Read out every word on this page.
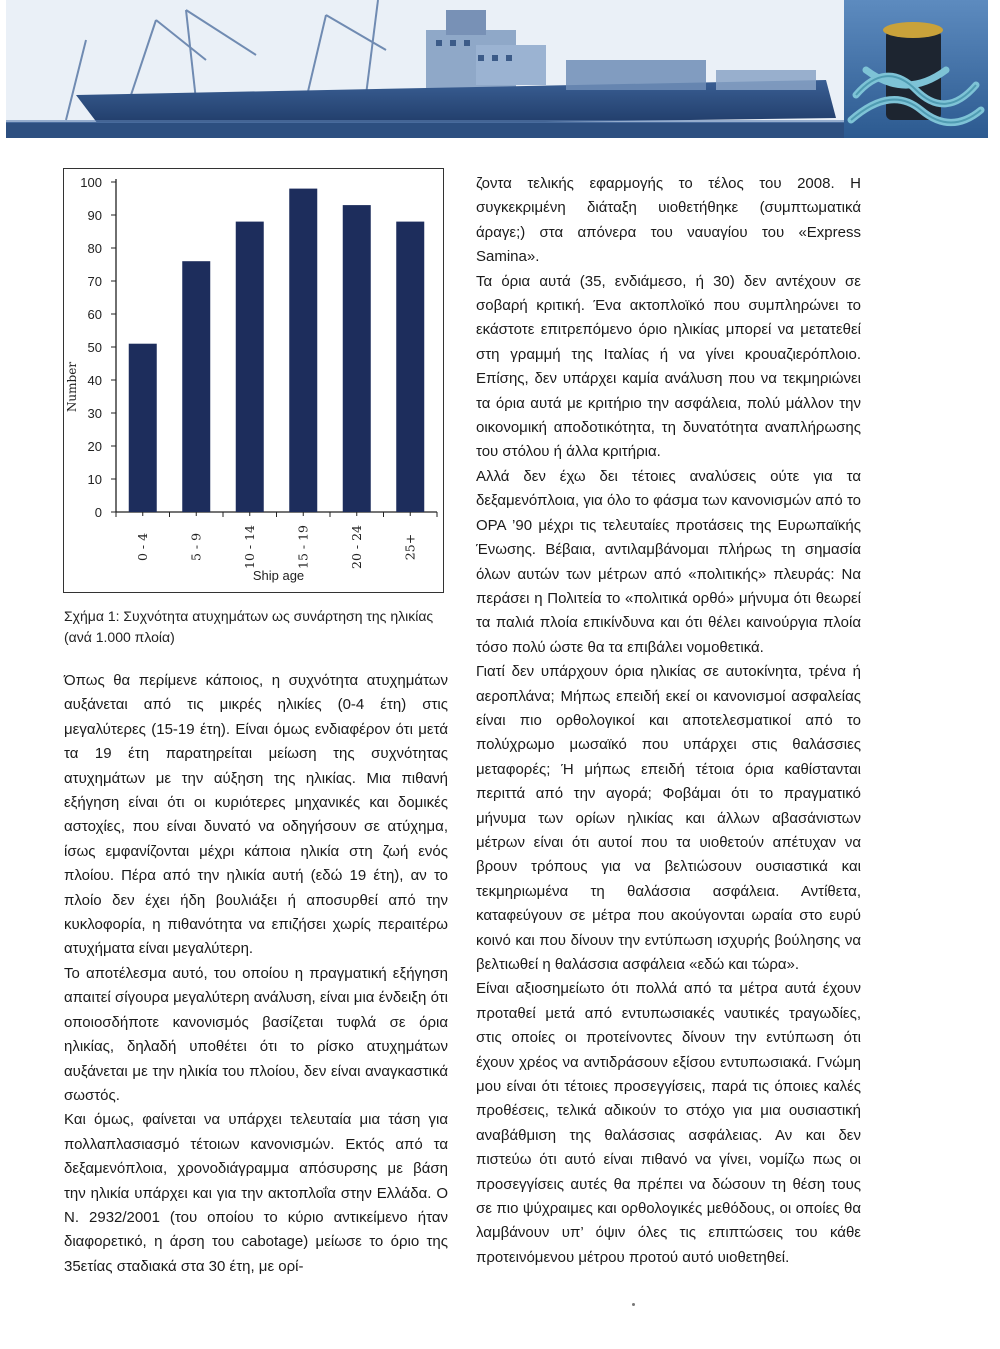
0
10
20
30
40
50
60
70
80
90
100
0 - 4	5 - 9	10 - 14	15 - 19	20 - 24	25+
Number
Ship age
Σχήμα 1: Συχνότητα ατυχημάτων ως συνάρτηση της ηλικίας
(ανά 1.000 πλοία)

Όπως θα περίμενε κάποιος, η συχνότητα ατυχημάτων αυξάνεται από τις μικρές ηλικίες (0-4 έτη) στις μεγαλύτερες (15-19 έτη). Είναι όμως ενδιαφέρον ότι μετά τα 19 έτη παρατηρείται μείωση της συχνότητας ατυχημάτων με την αύξηση της ηλικίας. Μια πιθανή εξήγηση είναι ότι οι κυριότερες μηχανικές και δομικές αστοχίες, που είναι δυνατό να οδηγήσουν σε ατύχημα, ίσως εμφανίζονται μέχρι κάποια ηλικία στη ζωή ενός πλοίου. Πέρα από την ηλικία αυτή (εδώ 19 έτη), αν το πλοίο δεν έχει ήδη βουλιάξει ή αποσυρθεί από την κυκλοφορία, η πιθανότητα να επιζήσει χωρίς περαιτέρω ατυχήματα είναι μεγαλύτερη.

Το αποτέλεσμα αυτό, του οποίου η πραγματική εξήγηση απαιτεί σίγουρα μεγαλύτερη ανάλυση, είναι μια ένδειξη ότι οποιοσδήποτε κανονισμός βασίζεται τυφλά σε όρια ηλικίας, δηλαδή υποθέτει ότι το ρίσκο ατυχημάτων αυξάνεται με την ηλικία του πλοίου, δεν είναι αναγκαστικά σωστός.

Και όμως, φαίνεται να υπάρχει τελευταία μια τάση για πολλαπλασιασμό τέτοιων κανονισμών. Εκτός από τα δεξαμενόπλοια, χρονοδιάγραμμα απόσυρσης με βάση την ηλικία υπάρχει και για την ακτοπλοΐα στην Ελλάδα. Ο Ν. 2932/2001 (του οποίου το κύριο αντικείμενο ήταν διαφορετικό, η άρση του cabotage) μείωσε το όριο της 35ετίας σταδιακά στα 30 έτη, με ορί-

ζοντα τελικής εφαρμογής το τέλος του 2008. Η συγκεκριμένη διάταξη υιοθετήθηκε (συμπτωματικά άραγε;) στα απόνερα του ναυαγίου του «Express Samina».

Τα όρια αυτά (35, ενδιάμεσο, ή 30) δεν αντέχουν σε σοβαρή κριτική. Ένα ακτοπλοϊκό που συμπληρώνει το εκάστοτε επιτρεπόμενο όριο ηλικίας μπορεί να μετατεθεί στη γραμμή της Ιταλίας ή να γίνει κρουαζιερόπλοιο. Επίσης, δεν υπάρχει καμία ανάλυση που να τεκμηριώνει τα όρια αυτά με κριτήριο την ασφάλεια, πολύ μάλλον την οικονομική αποδοτικότητα, τη δυνατότητα αναπλήρωσης του στόλου ή άλλα κριτήρια.

Αλλά δεν έχω δει τέτοιες αναλύσεις ούτε για τα δεξαμενόπλοια, για όλο το φάσμα των κανονισμών από το OPA ’90 μέχρι τις τελευταίες προτάσεις της Ευρωπαϊκής Ένωσης. Βέβαια, αντιλαμβάνομαι πλήρως τη σημασία όλων αυτών των μέτρων από «πολιτικής» πλευράς: Να περάσει η Πολιτεία το «πολιτικά ορθό» μήνυμα ότι θεωρεί τα παλιά πλοία επικίνδυνα και ότι θέλει καινούργια πλοία τόσο πολύ ώστε θα τα επιβάλει νομοθετικά.

Γιατί δεν υπάρχουν όρια ηλικίας σε αυτοκίνητα, τρένα ή αεροπλάνα; Μήπως επειδή εκεί οι κανονισμοί ασφαλείας είναι πιο ορθολογικοί και αποτελεσματικοί από το πολύχρωμο μωσαϊκό που υπάρχει στις θαλάσσιες μεταφορές; Ή μήπως επειδή τέτοια όρια καθίστανται περιττά από την αγορά; Φοβάμαι ότι το πραγματικό μήνυμα των ορίων ηλικίας και άλλων αβασάνιστων μέτρων είναι ότι αυτοί που τα υιοθετούν απέτυχαν να βρουν τρόπους για να βελτιώσουν ουσιαστικά και τεκμηριωμένα τη θαλάσσια ασφάλεια. Αντίθετα, καταφεύγουν σε μέτρα που ακούγονται ωραία στο ευρύ κοινό και που δίνουν την εντύπωση ισχυρής βούλησης να βελτιωθεί η θαλάσσια ασφάλεια «εδώ και τώρα».

Είναι αξιοσημείωτο ότι πολλά από τα μέτρα αυτά έχουν προταθεί μετά από εντυπωσιακές ναυτικές τραγωδίες, στις οποίες οι προτείνοντες δίνουν την εντύπωση ότι έχουν χρέος να αντιδράσουν εξίσου εντυπωσιακά. Γνώμη μου είναι ότι τέτοιες προσεγγίσεις, παρά τις όποιες καλές προθέσεις, τελικά αδικούν το στόχο για μια ουσιαστική αναβάθμιση της θαλάσσιας ασφάλειας. Αν και δεν πιστεύω ότι αυτό είναι πιθανό να γίνει, νομίζω πως οι προσεγγίσεις αυτές θα πρέπει να δώσουν τη θέση τους σε πιο ψύχραιμες και ορθολογικές μεθόδους, οι οποίες θα λαμβάνουν υπ’ όψιν όλες τις επιπτώσεις του κάθε προτεινόμενου μέτρου προτού αυτό υιοθετηθεί.
